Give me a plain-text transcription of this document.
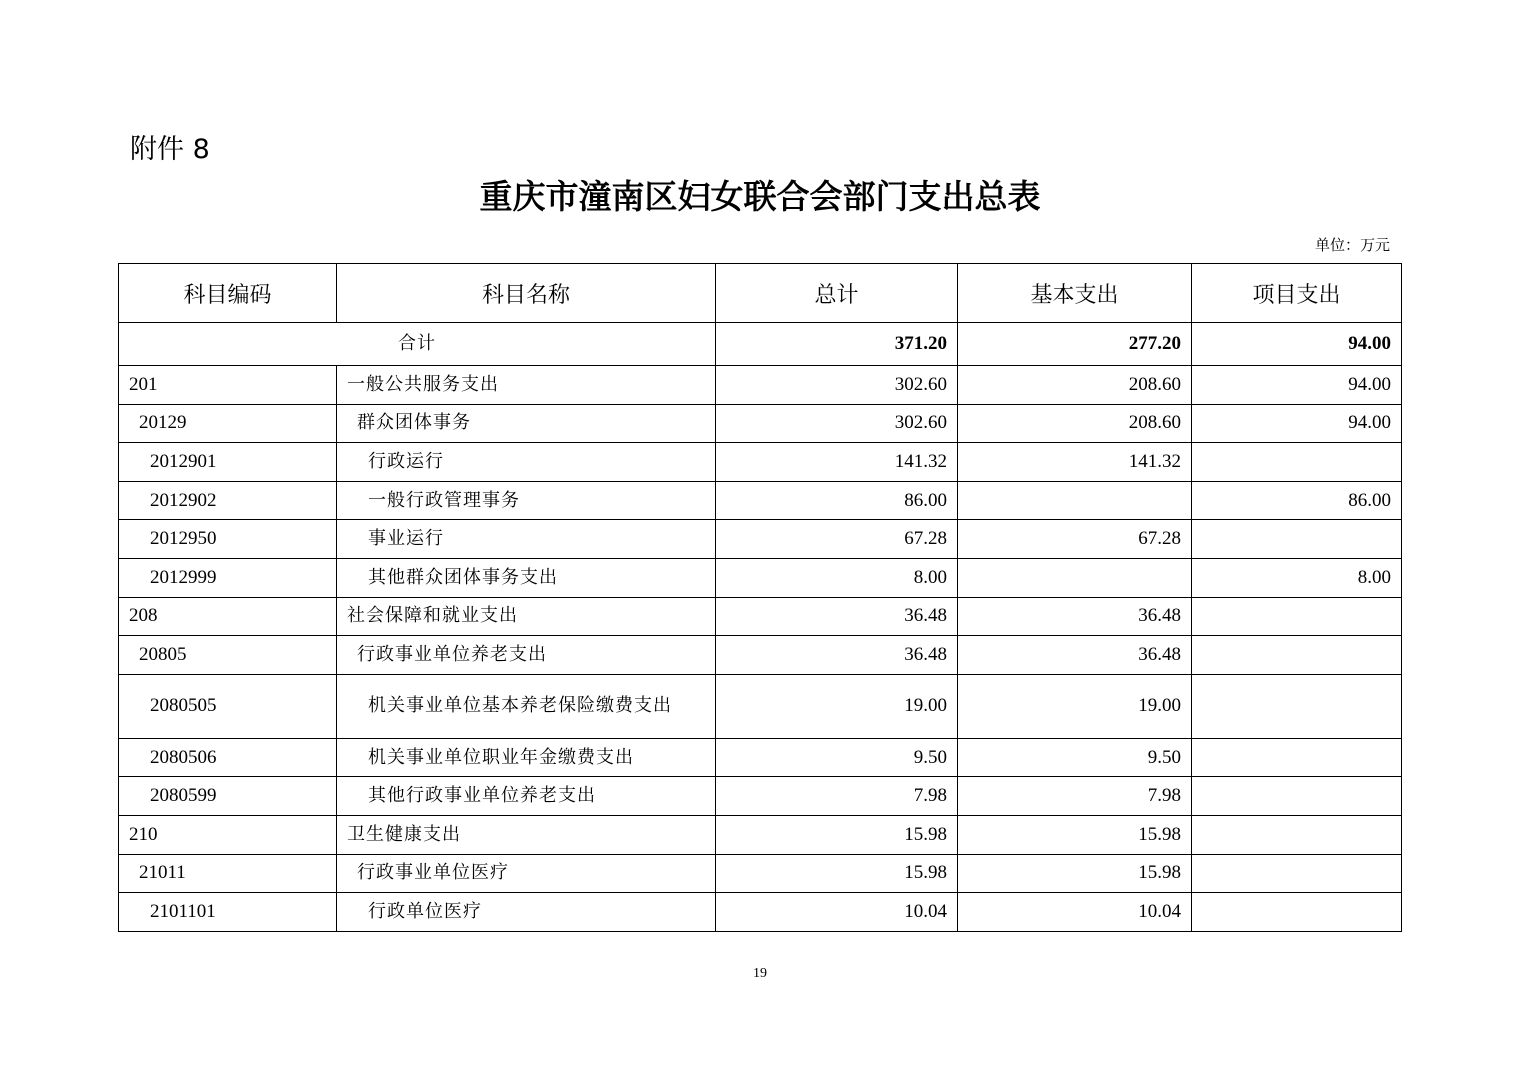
附件 8
重庆市潼南区妇女联合会部门支出总表
单位：万元
科目编码	科目名称	总计	基本支出	项目支出
合计		371.20	277.20	94.00
201	一般公共服务支出	302.60	208.60	94.00
20129	群众团体事务	302.60	208.60	94.00
2012901	行政运行	141.32	141.32	
2012902	一般行政管理事务	86.00		86.00
2012950	事业运行	67.28	67.28	
2012999	其他群众团体事务支出	8.00		8.00
208	社会保障和就业支出	36.48	36.48	
20805	行政事业单位养老支出	36.48	36.48	
2080505	机关事业单位基本养老保险缴费支出	19.00	19.00	
2080506	机关事业单位职业年金缴费支出	9.50	9.50	
2080599	其他行政事业单位养老支出	7.98	7.98	
210	卫生健康支出	15.98	15.98	
21011	行政事业单位医疗	15.98	15.98	
2101101	行政单位医疗	10.04	10.04	
19
